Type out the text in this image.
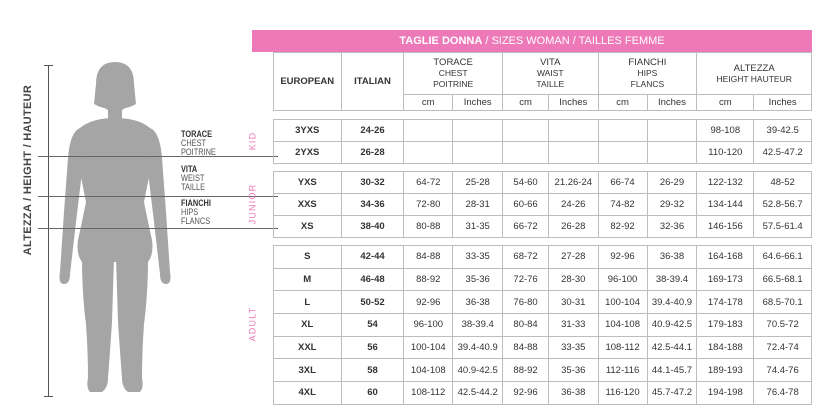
ALTEZZA / HEIGHT / HAUTEUR	TORACE
CHEST
POITRINE
VITA
WEIST
TAILLE
FIANCHI
HIPS
FLANCS
TAGLIE DONNA / SIZES WOMAN / TAILLES FEMME
	EUROPEAN	ITALIAN	TORACE
CHEST
POITRINE		VITA
WAIST
TAILLE		FIANCHI
HIPS
FLANCS		ALTEZZA
HEIGHT HAUTEUR	
			cm	Inches	cm	Inches	cm	Inches	cm	Inches

KID	3YXS	24-26							98-108	39-42.5
	2YXS	26-28							110-120	42.5-47.2

JUNIOR	YXS	30-32	64-72	25-28	54-60	21.26-24	66-74	26-29	122-132	48-52
	XXS	34-36	72-80	28-31	60-66	24-26	74-82	29-32	134-144	52.8-56.7
	XS	38-40	80-88	31-35	66-72	26-28	82-92	32-36	146-156	57.5-61.4

ADULT	S	42-44	84-88	33-35	68-72	27-28	92-96	36-38	164-168	64.6-66.1
	M	46-48	88-92	35-36	72-76	28-30	96-100	38-39.4	169-173	66.5-68.1
	L	50-52	92-96	36-38	76-80	30-31	100-104	39.4-40.9	174-178	68.5-70.1
	XL	54	96-100	38-39.4	80-84	31-33	104-108	40.9-42.5	179-183	70.5-72
	XXL	56	100-104	39.4-40.9	84-88	33-35	108-112	42.5-44.1	184-188	72.4-74
	3XL	58	104-108	40.9-42.5	88-92	35-36	112-116	44.1-45.7	189-193	74.4-76
	4XL	60	108-112	42.5-44.2	92-96	36-38	116-120	45.7-47.2	194-198	76.4-78
